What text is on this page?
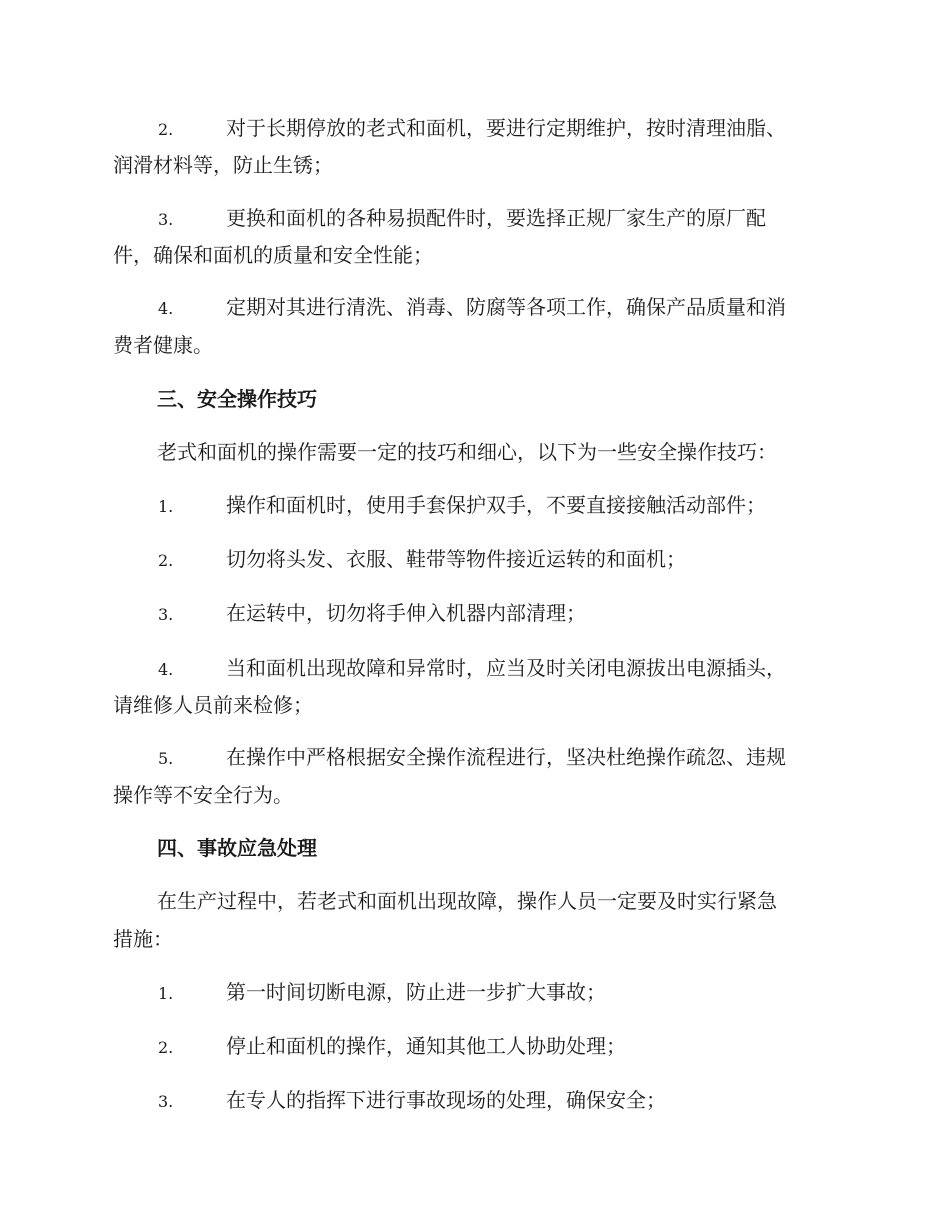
2.	对于长期停放的老式和面机，要进行定期维护，按时清理油脂、
润滑材料等，防止生锈；
3.	更换和面机的各种易损配件时，要选择正规厂家生产的原厂配
件，确保和面机的质量和安全性能；
4.	定期对其进行清洗、消毒、防腐等各项工作，确保产品质量和消
费者健康。
三、安全操作技巧
老式和面机的操作需要一定的技巧和细心，以下为一些安全操作技巧：
1.	操作和面机时，使用手套保护双手，不要直接接触活动部件；
2.	切勿将头发、衣服、鞋带等物件接近运转的和面机；
3.	在运转中，切勿将手伸入机器内部清理；
4.	当和面机出现故障和异常时，应当及时关闭电源拔出电源插头，
请维修人员前来检修；
5.	在操作中严格根据安全操作流程进行，坚决杜绝操作疏忽、违规
操作等不安全行为。
四、事故应急处理
在生产过程中，若老式和面机出现故障，操作人员一定要及时实行紧急
措施：
1.	第一时间切断电源，防止进一步扩大事故；
2.	停止和面机的操作，通知其他工人协助处理；
3.	在专人的指挥下进行事故现场的处理，确保安全；
